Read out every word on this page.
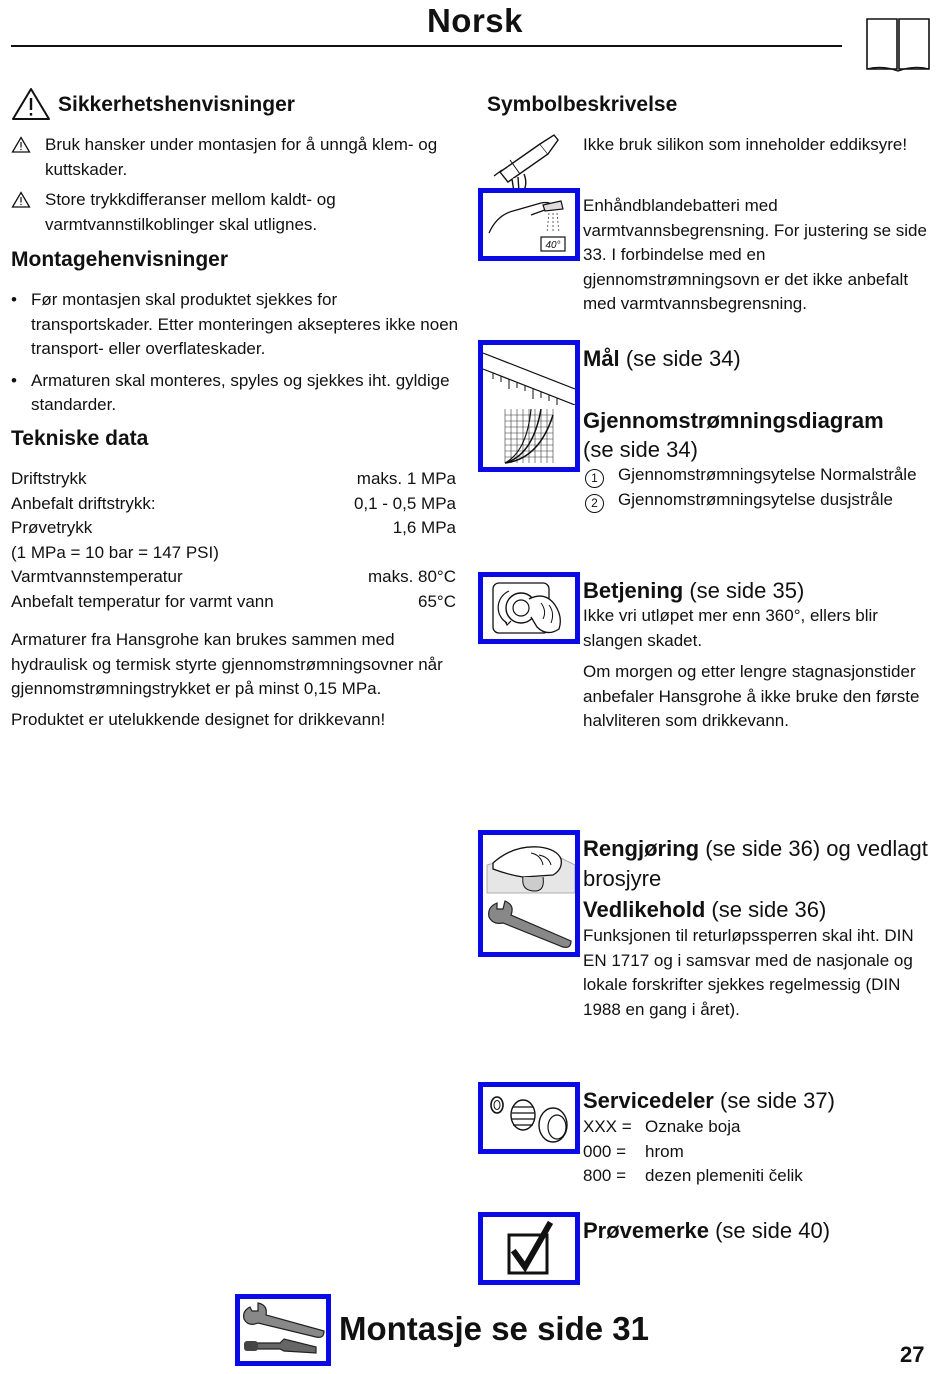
Norsk
Sikkerhetshenvisninger
Bruk hansker under montasjen for å unngå klem- og kuttskader.
Store trykkdifferanser mellom kaldt- og varmtvannstilkoblinger skal utlignes.
Montagehenvisninger
• Før montasjen skal produktet sjekkes for transportskader. Etter monteringen aksepteres ikke noen transport- eller overflateskader.
• Armaturen skal monteres, spyles og sjekkes iht. gyldige standarder.
Tekniske data
Driftstrykk	maks. 1 MPa
Anbefalt driftstrykk:	0,1 - 0,5 MPa
Prøvetrykk	1,6 MPa
(1 MPa = 10 bar = 147 PSI)
Varmtvannstemperatur	maks. 80°C
Anbefalt temperatur for varmt vann	65°C
Armaturer fra Hansgrohe kan brukes sammen med hydraulisk og termisk styrte gjennomstrømningsovner når gjennomstrømningstrykket er på minst 0,15 MPa.
Produktet er utelukkende designet for drikkevann!
Symbolbeskrivelse
Ikke bruk silikon som inneholder eddiksyre!
40°
Enhåndblandebatteri med varmtvannsbegrensning. For justering se side 33. I forbindelse med en gjennomstrømningsovn er det ikke anbefalt med varmtvannsbegrensning.
Mål (se side 34)
Gjennomstrømningsdiagram
(se side 34)
1 Gjennomstrømningsytelse Normalstråle
2 Gjennomstrømningsytelse dusjstråle
Betjening (se side 35)
Ikke vri utløpet mer enn 360°, ellers blir slangen skadet.
Om morgen og etter lengre stagnasjonstider anbefaler Hansgrohe å ikke bruke den første halvliteren som drikkevann.
Rengjøring (se side 36) og vedlagt brosjyre
Vedlikehold (se side 36)
Funksjonen til returløpssperren skal iht. DIN EN 1717 og i samsvar med de nasjonale og lokale forskrifter sjekkes regelmessig (DIN 1988 en gang i året).
Servicedeler (se side 37)
XXX = Oznake boja
000 =	hrom
800 =	dezen plemeniti čelik
Prøvemerke (se side 40)
Montasje se side 31
27
